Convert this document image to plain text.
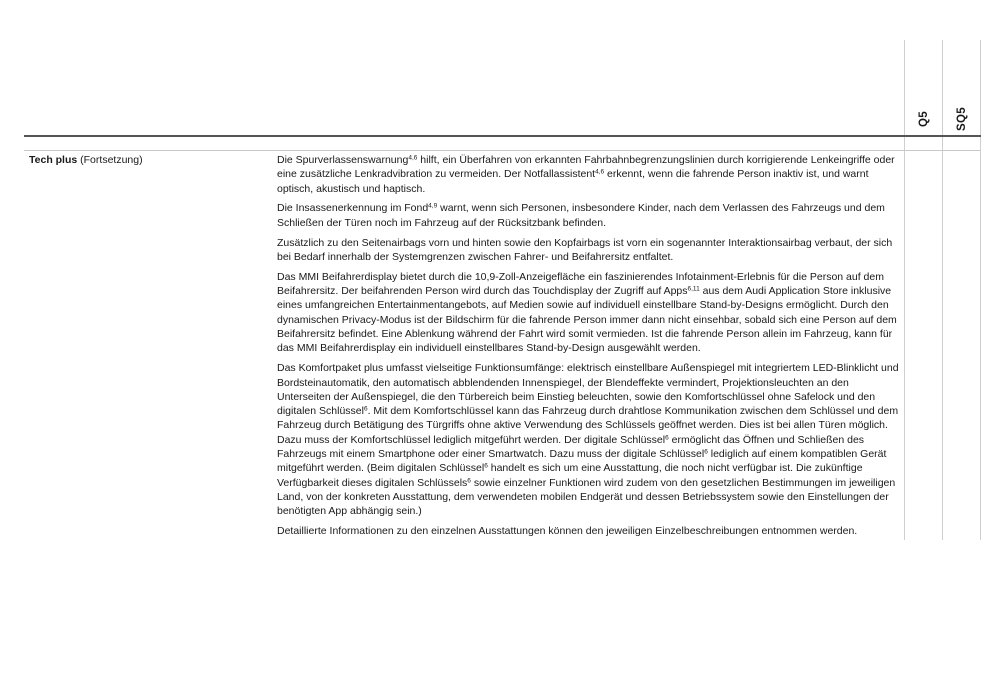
Q5 SQ5
Tech plus (Fortsetzung)	Die Spurverlassenswarnung$^{4,6}$ hilft, ein Überfahren von erkannten Fahrbahnbegrenzungslinien durch korrigierende Lenkeingriffe oder eine zusätzliche Lenkradvibration zu vermeiden. Der Notfallassistent$^{4,6}$ erkennt, wenn die fahrende Person inaktiv ist, und warnt optisch, akustisch und haptisch.

Die Insassenerkennung im Fond$^{4,9}$ warnt, wenn sich Personen, insbesondere Kinder, nach dem Verlassen des Fahrzeugs und dem Schließen der Türen noch im Fahrzeug auf der Rücksitzbank befinden.

Zusätzlich zu den Seitenairbags vorn und hinten sowie den Kopfairbags ist vorn ein sogenannter Interaktionsairbag verbaut, der sich bei Bedarf innerhalb der Systemgrenzen zwischen Fahrer- und Beifahrersitz entfaltet.

Das MMI Beifahrerdisplay bietet durch die 10,9-Zoll-Anzeigefläche ein faszinierendes Infotainment-Erlebnis für die Person auf dem Beifahrersitz. Der beifahrenden Person wird durch das Touchdisplay der Zugriff auf Apps$^{6,11}$ aus dem Audi Application Store inklusive eines umfangreichen Entertainmentangebots, auf Medien sowie auf individuell einstellbare Stand-by-Designs ermöglicht. Durch den dynamischen Privacy-Modus ist der Bildschirm für die fahrende Person immer dann nicht einsehbar, sobald sich eine Person auf dem Beifahrersitz befindet. Eine Ablenkung während der Fahrt wird somit vermieden. Ist die fahrende Person allein im Fahrzeug, kann für das MMI Beifahrerdisplay ein individuell einstellbares Stand-by-Design ausgewählt werden.

Das Komfortpaket plus umfasst vielseitige Funktionsumfänge: elektrisch einstellbare Außenspiegel mit integriertem LED-Blinklicht und Bordsteinautomatik, den automatisch abblendenden Innenspiegel, der Blendeffekte vermindert, Projektionsleuchten an den Unterseiten der Außenspiegel, die den Türbereich beim Einstieg beleuchten, sowie den Komfortschlüssel ohne Safelock und den digitalen Schlüssel$^6$. Mit dem Komfortschlüssel kann das Fahrzeug durch drahtlose Kommunikation zwischen dem Schlüssel und dem Fahrzeug durch Betätigung des Türgriffs ohne aktive Verwendung des Schlüssels geöffnet werden. Dies ist bei allen Türen möglich. Dazu muss der Komfortschlüssel lediglich mitgeführt werden. Der digitale Schlüssel$^6$ ermöglicht das Öffnen und Schließen des Fahrzeugs mit einem Smartphone oder einer Smartwatch. Dazu muss der digitale Schlüssel$^6$ lediglich auf einem kompatiblen Gerät mitgeführt werden. (Beim digitalen Schlüssel$^6$ handelt es sich um eine Ausstattung, die noch nicht verfügbar ist. Die zukünftige Verfügbarkeit dieses digitalen Schlüssels$^6$ sowie einzelner Funktionen wird zudem von den gesetzlichen Bestimmungen im jeweiligen Land, von der konkreten Ausstattung, dem verwendeten mobilen Endgerät und dessen Betriebssystem sowie den Einstellungen der benötigten App abhängig sein.)

Detaillierte Informationen zu den einzelnen Ausstattungen können den jeweiligen Einzelbeschreibungen entnommen werden.
